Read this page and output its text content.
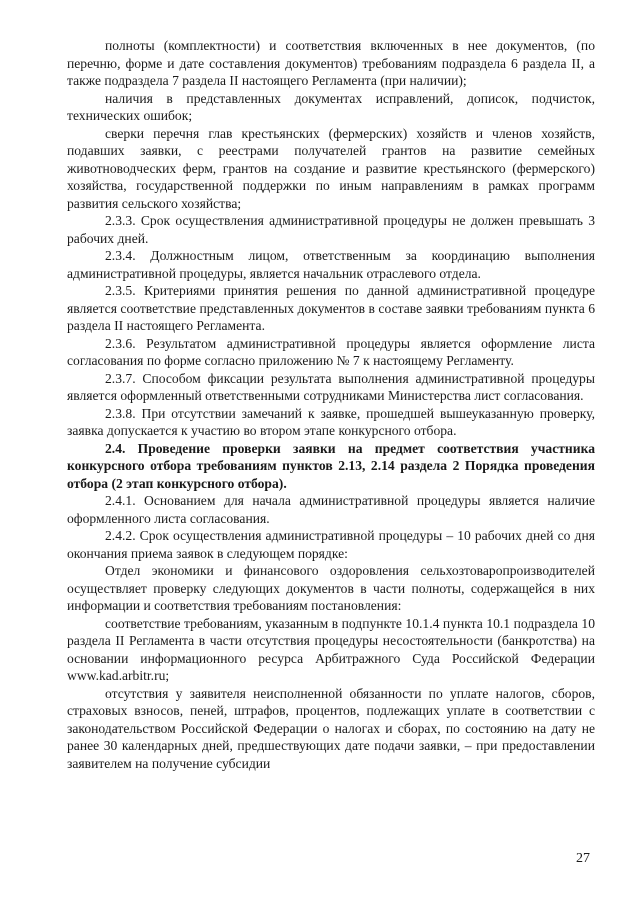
полноты (комплектности) и соответствия включенных в нее документов, (по перечню, форме и дате составления документов) требованиям подраздела 6 раздела II, а также подраздела 7 раздела II настоящего Регламента (при наличии);

наличия в представленных документах исправлений, дописок, подчисток, технических ошибок;

сверки перечня глав крестьянских (фермерских) хозяйств и членов хозяйств, подавших заявки, с реестрами получателей грантов на развитие семейных животноводческих ферм, грантов на создание и развитие крестьянского (фермерского) хозяйства, государственной поддержки по иным направлениям в рамках программ развития сельского хозяйства;

2.3.3. Срок осуществления административной процедуры не должен превышать 3 рабочих дней.

2.3.4. Должностным лицом, ответственным за координацию выполнения административной процедуры, является начальник отраслевого отдела.

2.3.5. Критериями принятия решения по данной административной процедуре является соответствие представленных документов в составе заявки требованиям пункта 6 раздела II настоящего Регламента.

2.3.6. Результатом административной процедуры является оформление листа согласования по форме согласно приложению № 7 к настоящему Регламенту.

2.3.7. Способом фиксации результата выполнения административной процедуры является оформленный ответственными сотрудниками Министерства лист согласования.

2.3.8. При отсутствии замечаний к заявке, прошедшей вышеуказанную проверку, заявка допускается к участию во втором этапе конкурсного отбора.

2.4. Проведение проверки заявки на предмет соответствия участника конкурсного отбора требованиям пунктов 2.13, 2.14 раздела 2 Порядка проведения отбора (2 этап конкурсного отбора).

2.4.1. Основанием для начала административной процедуры является наличие оформленного листа согласования.

2.4.2. Срок осуществления административной процедуры – 10 рабочих дней со дня окончания приема заявок в следующем порядке:

Отдел экономики и финансового оздоровления сельхозтоваропроизводителей осуществляет проверку следующих документов в части полноты, содержащейся в них информации и соответствия требованиям постановления:

соответствие требованиям, указанным в подпункте 10.1.4 пункта 10.1 подраздела 10 раздела II Регламента в части отсутствия процедуры несостоятельности (банкротства) на основании информационного ресурса Арбитражного Суда Российской Федерации www.kad.arbitr.ru;

отсутствия у заявителя неисполненной обязанности по уплате налогов, сборов, страховых взносов, пеней, штрафов, процентов, подлежащих уплате в соответствии с законодательством Российской Федерации о налогах и сборах, по состоянию на дату не ранее 30 календарных дней, предшествующих дате подачи заявки, – при предоставлении заявителем на получение субсидии

27
